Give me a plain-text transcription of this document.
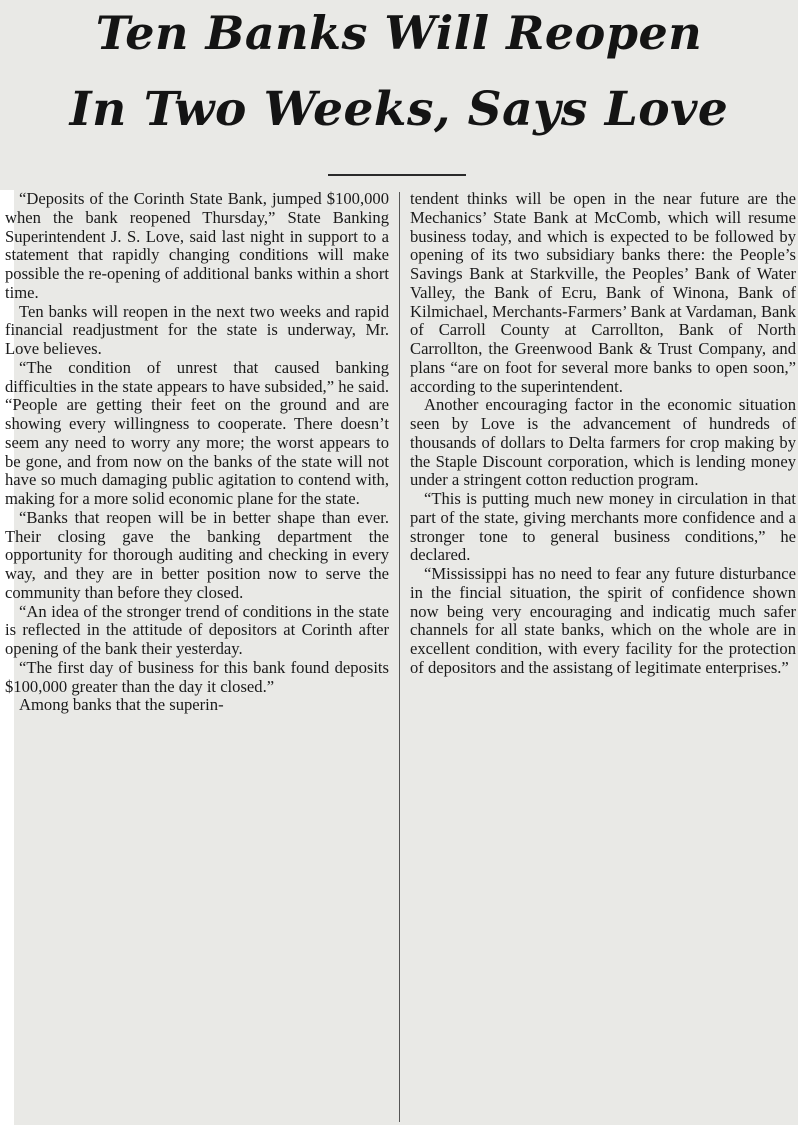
Ten Banks Will Reopen
In Two Weeks, Says Love

“Deposits of the Corinth State Bank, jumped $100,000 when the bank reopened Thursday,” State Banking Superintendent J. S. Love, said last night in support to a statement that rapidly changing conditions will make possible the re-opening of additional banks within a short time.

Ten banks will reopen in the next two weeks and rapid financial readjustment for the state is underway, Mr. Love believes.

“The condition of unrest that caused banking difficulties in the state appears to have subsided,” he said. “People are getting their feet on the ground and are showing every willingness to cooperate. There doesn’t seem any need to worry any more; the worst appears to be gone, and from now on the banks of the state will not have so much damaging public agitation to contend with, making for a more solid economic plane for the state.

“Banks that reopen will be in better shape than ever. Their closing gave the banking department the opportunity for thorough auditing and checking in every way, and they are in better position now to serve the community than before they closed.

“An idea of the stronger trend of conditions in the state is reflected in the attitude of depositors at Corinth after opening of the bank their yesterday.

“The first day of business for this bank found deposits $100,000 greater than the day it closed.”

Among banks that the superin-

tendent thinks will be open in the near future are the Mechanics’ State Bank at McComb, which will resume business today, and which is expected to be followed by opening of its two subsidiary banks there: the People’s Savings Bank at Starkville, the Peoples’ Bank of Water Valley, the Bank of Ecru, Bank of Winona, Bank of Kilmichael, Merchants-Farmers’ Bank at Vardaman, Bank of Carroll County at Carrollton, Bank of North Carrollton, the Greenwood Bank & Trust Company, and plans “are on foot for several more banks to open soon,” according to the superintendent.

Another encouraging factor in the economic situation seen by Love is the advancement of hundreds of thousands of dollars to Delta farmers for crop making by the Staple Discount corporation, which is lending money under a stringent cotton reduction program.

“This is putting much new money in circulation in that part of the state, giving merchants more confidence and a stronger tone to general business conditions,” he declared.

“Mississippi has no need to fear any future disturbance in the fincial situation, the spirit of confidence shown now being very encouraging and indicatig much safer channels for all state banks, which on the whole are in excellent condition, with every facility for the protection of depositors and the assistang of legitimate enterprises.”
